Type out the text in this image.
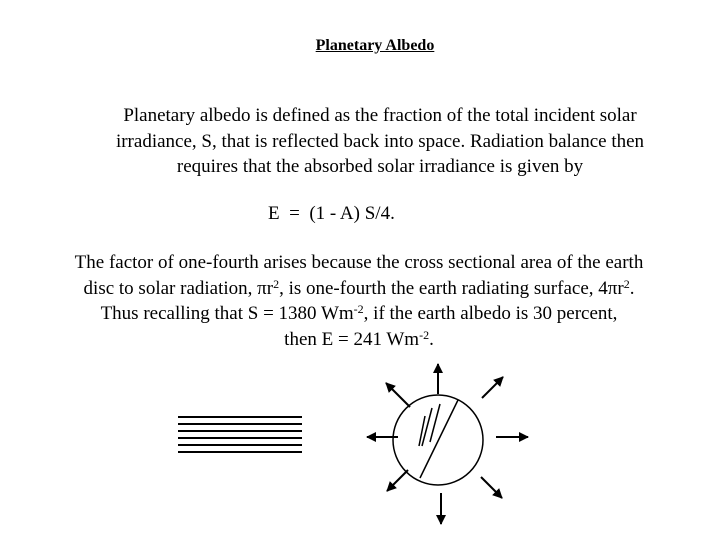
Planetary Albedo
Planetary albedo is defined as the fraction of the total incident solar
irradiance, S, that is reflected back into space. Radiation balance then
requires that the absorbed solar irradiance is given by
E  =  (1 - A) S/4.
The factor of one-fourth arises because the cross sectional area of the earth
disc to solar radiation, $\pi r^2$, is one-fourth the earth radiating surface, $4\pi r^2$.
Thus recalling that S = 1380 $Wm^{-2}$, if the earth albedo is 30 percent,
then E = 241 $Wm^{-2}$.
